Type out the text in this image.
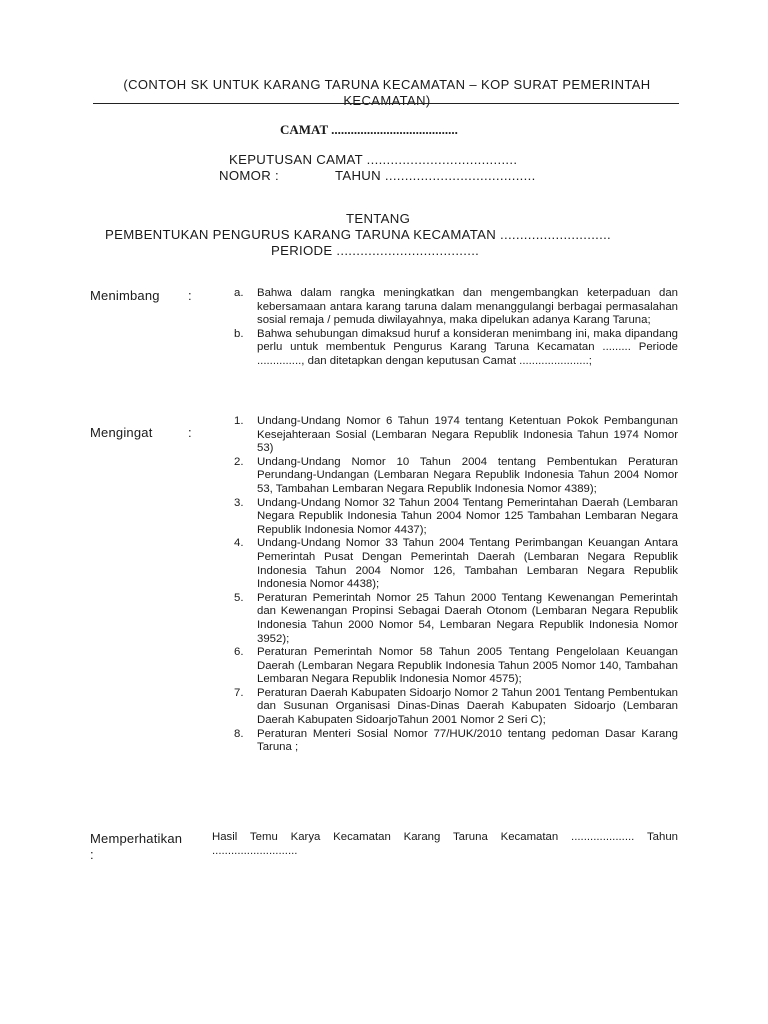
(CONTOH SK UNTUK KARANG TARUNA KECAMATAN – KOP SURAT PEMERINTAH KECAMATAN)
CAMAT .......................................
KEPUTUSAN CAMAT ......................................
NOMOR :	TAHUN ......................................
TENTANG
PEMBENTUKAN PENGURUS KARANG TARUNA KECAMATAN ............................
PERIODE ....................................
Menimbang :	a. Bahwa dalam rangka meningkatkan dan mengembangkan keterpaduan dan kebersamaan antara karang taruna dalam menanggulangi berbagai permasalahan sosial remaja / pemuda diwilayahnya, maka dipelukan adanya Karang Taruna;
b. Bahwa sehubungan dimaksud huruf a konsideran menimbang ini, maka dipandang perlu untuk membentuk Pengurus Karang Taruna Kecamatan ......... Periode .............., dan ditetapkan dengan keputusan Camat ......................;
Mengingat	:
1. Undang-Undang Nomor 6 Tahun 1974 tentang Ketentuan Pokok Pembangunan Kesejahteraan Sosial (Lembaran Negara Republik Indonesia Tahun 1974 Nomor 53)
2. Undang-Undang Nomor 10 Tahun 2004 tentang Pembentukan Peraturan Perundang-Undangan (Lembaran Negara Republik Indonesia Tahun 2004 Nomor 53, Tambahan Lembaran Negara Republik Indonesia Nomor 4389);
3. Undang-Undang Nomor 32 Tahun 2004 Tentang Pemerintahan Daerah (Lembaran Negara Republik Indonesia Tahun 2004 Nomor 125 Tambahan Lembaran Negara Republik Indonesia Nomor 4437);
4. Undang-Undang Nomor 33 Tahun 2004 Tentang Perimbangan Keuangan Antara Pemerintah Pusat Dengan Pemerintah Daerah (Lembaran Negara Republik Indonesia Tahun 2004 Nomor 126, Tambahan Lembaran Negara Republik Indonesia Nomor 4438);
5. Peraturan Pemerintah Nomor 25 Tahun 2000 Tentang Kewenangan Pemerintah dan Kewenangan Propinsi Sebagai Daerah Otonom (Lembaran Negara Republik Indonesia Tahun 2000 Nomor 54, Lembaran Negara Republik Indonesia Nomor 3952);
6. Peraturan Pemerintah Nomor 58 Tahun 2005 Tentang Pengelolaan Keuangan Daerah (Lembaran Negara Republik Indonesia Tahun 2005 Nomor 140, Tambahan Lembaran Negara Republik Indonesia Nomor 4575);
7. Peraturan Daerah Kabupaten Sidoarjo Nomor 2 Tahun 2001 Tentang Pembentukan dan Susunan Organisasi Dinas-Dinas Daerah Kabupaten Sidoarjo (Lembaran Daerah Kabupaten SidoarjoTahun 2001 Nomor 2 Seri C);
8. Peraturan Menteri Sosial Nomor 77/HUK/2010 tentang pedoman Dasar Karang Taruna ;
Memperhatikan
:
Hasil Temu Karya Kecamatan Karang Taruna Kecamatan .................... Tahun ...........................
